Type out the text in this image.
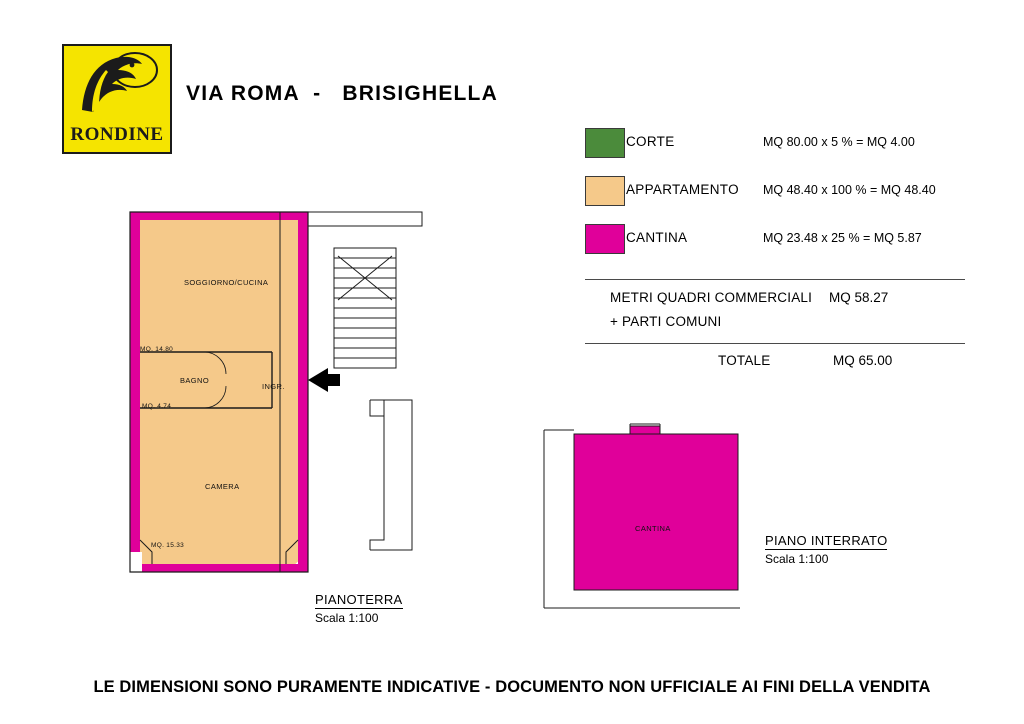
RONDINE
VIA ROMA  -   BRISIGHELLA
CORTE	MQ 80.00 x 5 % = MQ 4.00
APPARTAMENTO MQ 48.40 x 100 % = MQ 48.40
CANTINA	MQ 23.48 x 25 % = MQ 5.87
METRI QUADRI COMMERCIALI MQ 58.27
+ PARTI COMUNI
TOTALE	MQ 65.00
SOGGIORNO/CUCINA
MQ. 14.80
BAGNO
MQ. 4.74
CAMERA
MQ. 15.33
INGR.
CANTINA
PIANOTERRA
Scala 1:100
PIANO INTERRATO
Scala 1:100
LE DIMENSIONI SONO PURAMENTE INDICATIVE - DOCUMENTO NON UFFICIALE AI FINI DELLA VENDITA
